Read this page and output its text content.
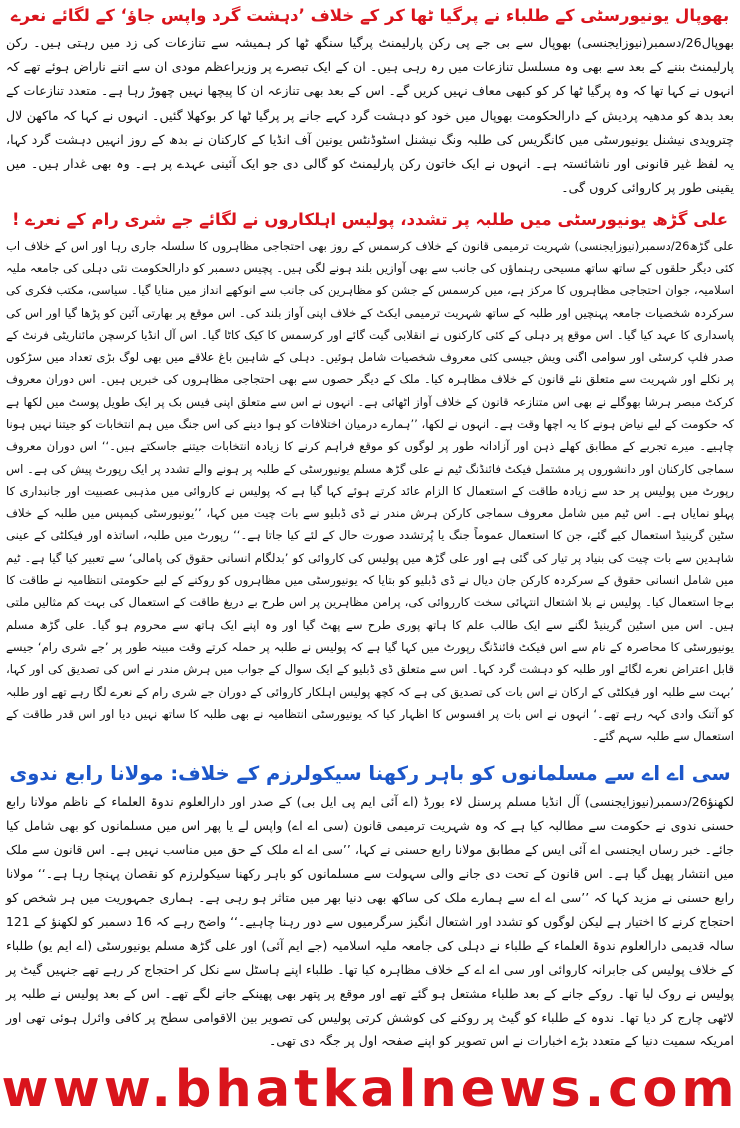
بھوپال یونیورسٹی کے طلباء نے پرگیا ٹھا کر کے خلاف ’دہشت گرد واپس جاؤ‘ کے لگائے نعرے

بھوپال26/دسمبر(نیوزایجنسی) بھوپال سے بی جے پی رکن پارلیمنٹ پرگیا سنگھ ٹھا کر ہمیشہ سے تنازعات کی زد میں رہتی ہیں۔ رکن پارلیمنٹ بننے کے بعد سے بھی وہ مسلسل تنازعات میں رہ رہی ہیں۔ ان کے ایک تبصرے پر وزیراعظم مودی ان سے اتنے ناراض ہوئے تھے کہ انہوں نے کہا تھا کہ وہ پرگیا ٹھا کر کو کبھی معاف نہیں کریں گے۔ اس کے بعد بھی تنازعہ ان کا پیچھا نہیں چھوڑ رہا ہے۔ متعدد تنازعات کے بعد بدھ کو مدھیہ پردیش کے دارالحکومت بھوپال میں خود کو دہشت گرد کہے جانے پر پرگیا ٹھا کر بوکھلا گئیں۔ انہوں نے کہا کہ ماکھن لال چترویدی نیشنل یونیورسٹی میں کانگریس کی طلبہ ونگ نیشنل اسٹوڈنٹس یونین آف انڈیا کے کارکنان نے بدھ کے روز انہیں دہشت گرد کہا، یہ لفظ غیر قانونی اور ناشائستہ ہے۔ انہوں نے ایک خاتون رکن پارلیمنٹ کو گالی دی جو ایک آئینی عہدے پر ہے۔ وہ بھی غدار ہیں۔ میں یقینی طور پر کاروائی کروں گی۔

علی گڑھ یونیورسٹی میں طلبہ پر تشدد، پولیس اہلکاروں نے لگائے جے شری رام کے نعرے !

علی گڑھ26/دسمبر(نیوزایجنسی) شہریت ترمیمی قانون کے خلاف کرسمس کے روز بھی احتجاجی مظاہروں کا سلسلہ جاری رہا اور اس کے خلاف اب کئی دیگر حلقوں کے ساتھ ساتھ مسیحی رہنماؤں کی جانب سے بھی آوازیں بلند ہونے لگی ہیں۔ پچیس دسمبر کو دارالحکومت نئی دہلی کی جامعہ ملیہ اسلامیہ، جوان احتجاجی مظاہروں کا مرکز ہے، میں کرسمس کے جشن کو مظاہرین کی جانب سے انوکھے انداز میں منایا گیا۔ سیاسی، مکتب فکری کی سرکردہ شخصیات جامعہ پہنچیں اور طلبہ کے ساتھ شہریت ترمیمی ایکٹ کے خلاف اپنی آواز بلند کی۔ اس موقع پر بھارتی آئین کو پڑھا گیا اور اس کی پاسداری کا عہد کیا گیا۔ اس موقع پر دہلی کے کئی کارکنوں نے انقلابی گیت گائے اور کرسمس کا کیک کاٹا گیا۔ اس آل انڈیا کرسچن مائناریٹی فرنٹ کے صدر فلپ کرسٹی اور سوامی اگنی ویش جیسی کئی معروف شخصیات شامل ہوئیں۔ دہلی کے شاہین باغ علاقے میں بھی لوگ بڑی تعداد میں سڑکوں پر نکلے اور شہریت سے متعلق نئے قانون کے خلاف مظاہرہ کیا۔ ملک کے دیگر حصوں سے بھی احتجاجی مظاہروں کی خبریں ہیں۔ اس دوران معروف کرکٹ مبصر ہرشا بھوگلے نے بھی اس متنازعہ قانون کے خلاف آواز اٹھائی ہے۔ انہوں نے اس سے متعلق اپنی فیس بک پر ایک طویل پوسٹ میں لکھا ہے کہ حکومت کے لیے نیاض ہونے کا یہ اچھا وقت ہے۔ انہوں نے لکھا، ’’ہمارے درمیان اختلافات کو ہوا دینے کی اس جنگ میں ہم انتخابات کو جیتنا نہیں ہونا چاہیے۔ میرے تجربے کے مطابق کھلے ذہن اور آزادانہ طور پر لوگوں کو موقع فراہم کرنے کا زیادہ انتخابات جیتنے جاسکتے ہیں۔‘‘ اس دوران معروف سماجی کارکنان اور دانشوروں پر مشتمل فیکٹ فائنڈنگ ٹیم نے علی گڑھ مسلم یونیورسٹی کے طلبہ پر ہونے والے تشدد پر ایک رپورٹ پیش کی ہے۔ اس رپورٹ میں پولیس پر حد سے زیادہ طاقت کے استعمال کا الزام عائد کرتے ہوئے کہا گیا ہے کہ پولیس نے کاروائی میں مذہبی عصبیت اور جانبداری کا پہلو نمایاں ہے۔ اس ٹیم میں شامل معروف سماجی کارکن ہرش مندر نے ڈی ڈبلیو سے بات چیت میں کہا، ’’یونیورسٹی کیمپس میں طلبہ کے خلاف سٹین گرینیڈ استعمال کیے گئے، جن کا استعمال عموماً جنگ یا پُرتشدد صورت حال کے لئے کیا جاتا ہے۔‘‘ رپورٹ میں طلبہ، اساتذہ اور فیکلٹی کے عینی شاہدین سے بات چیت کی بنیاد پر تیار کی گئی ہے اور علی گڑھ میں پولیس کی کاروائی کو ’بدلگام انسانی حقوق کی پامالی‘ سے تعبیر کیا گیا ہے۔ ٹیم میں شامل انسانی حقوق کے سرکردہ کارکن جان دیال نے ڈی ڈبلیو کو بتایا کہ یونیورسٹی میں مظاہروں کو روکنے کے لیے حکومتی انتظامیہ نے طاقت کا بےجا استعمال کیا۔ پولیس نے بلا اشتعال انتہائی سخت کارروائی کی، پرامن مظاہرین پر اس طرح بے دریغ طاقت کے استعمال کی بہت کم مثالیں ملتی ہیں۔ اس میں اسٹین گرینیڈ لگنے سے ایک طالب علم کا ہاتھ پوری طرح سے پھٹ گیا اور وہ اپنے ایک ہاتھ سے محروم ہو گیا۔ علی گڑھ مسلم یونیورسٹی کا محاصرہ کے نام سے اس فیکٹ فائنڈنگ رپورٹ میں کہا گیا ہے کہ پولیس نے طلبہ پر حملہ کرتے وقت مبینہ طور پر ’جے شری رام‘ جیسے قابل اعتراض نعرے لگائے اور طلبہ کو دہشت گرد کہا۔ اس سے متعلق ڈی ڈبلیو کے ایک سوال کے جواب میں ہرش مندر نے اس کی تصدیق کی اور کہا، ’بہت سے طلبہ اور فیکلٹی کے ارکان نے اس بات کی تصدیق کی ہے کہ کچھ پولیس اہلکار کاروائی کے دوران جے شری رام کے نعرے لگا رہے تھے اور طلبہ کو آتنک وادی کہہ رہے تھے۔‘ انہوں نے اس بات پر افسوس کا اظہار کیا کہ یونیورسٹی انتظامیہ نے بھی طلبہ کا ساتھ نہیں دیا اور اس قدر طاقت کے استعمال سے طلبہ سہم گئے۔

سی اے اے سے مسلمانوں کو باہر رکھنا سیکولرزم کے خلاف: مولانا رابع ندوی

لکھنؤ26/دسمبر(نیوزایجنسی) آل انڈیا مسلم پرسنل لاء بورڈ (اے آئی ایم پی ایل بی) کے صدر اور دارالعلوم ندوۃ العلماء کے ناظم مولانا رابع حسنی ندوی نے حکومت سے مطالبہ کیا ہے کہ وہ شہریت ترمیمی قانون (سی اے اے) واپس لے یا پھر اس میں مسلمانوں کو بھی شامل کیا جائے۔ خبر رساں ایجنسی اے آئی ایس کے مطابق مولانا رابع حسنی نے کہا، ’’سی اے اے ملک کے حق میں مناسب نہیں ہے۔ اس قانون سے ملک میں انتشار پھیل گیا ہے۔ اس قانون کے تحت دی جانے والی سہولت سے مسلمانوں کو باہر رکھنا سیکولرزم کو نقصان پہنچا رہا ہے۔‘‘ مولانا رابع حسنی نے مزید کہا کہ ’’سی اے اے سے ہمارے ملک کی ساکھ بھی دنیا بھر میں متاثر ہو رہی ہے۔ ہماری جمہوریت میں ہر شخص کو احتجاج کرنے کا اختیار ہے لیکن لوگوں کو تشدد اور اشتعال انگیز سرگرمیوں سے دور رہنا چاہیے۔‘‘ واضح رہے کہ 16 دسمبر کو لکھنؤ کے 121 سالہ قدیمی دارالعلوم ندوۃ العلماء کے طلباء نے دہلی کی جامعہ ملیہ اسلامیہ (جے ایم آئی) اور علی گڑھ مسلم یونیورسٹی (اے ایم یو) طلباء کے خلاف پولیس کی جابرانہ کاروائی اور سی اے اے کے خلاف مظاہرہ کیا تھا۔ طلباء اپنے ہاسٹل سے نکل کر احتجاج کر رہے تھے جنہیں گیٹ پر پولیس نے روک لیا تھا۔ روکے جانے کے بعد طلباء مشتعل ہو گئے تھے اور موقع پر پتھر بھی پھینکے جانے لگے تھے۔ اس کے بعد پولیس نے طلبہ پر لاٹھی چارج کر دیا تھا۔ ندوہ کے طلباء کو گیٹ پر روکنے کی کوشش کرتی پولیس کی تصویر بین الاقوامی سطح پر کافی وائرل ہوئی تھی اور امریکہ سمیت دنیا کے متعدد بڑے اخبارات نے اس تصویر کو اپنے صفحہ اول پر جگہ دی تھی۔

www.bhatkalnews.com
